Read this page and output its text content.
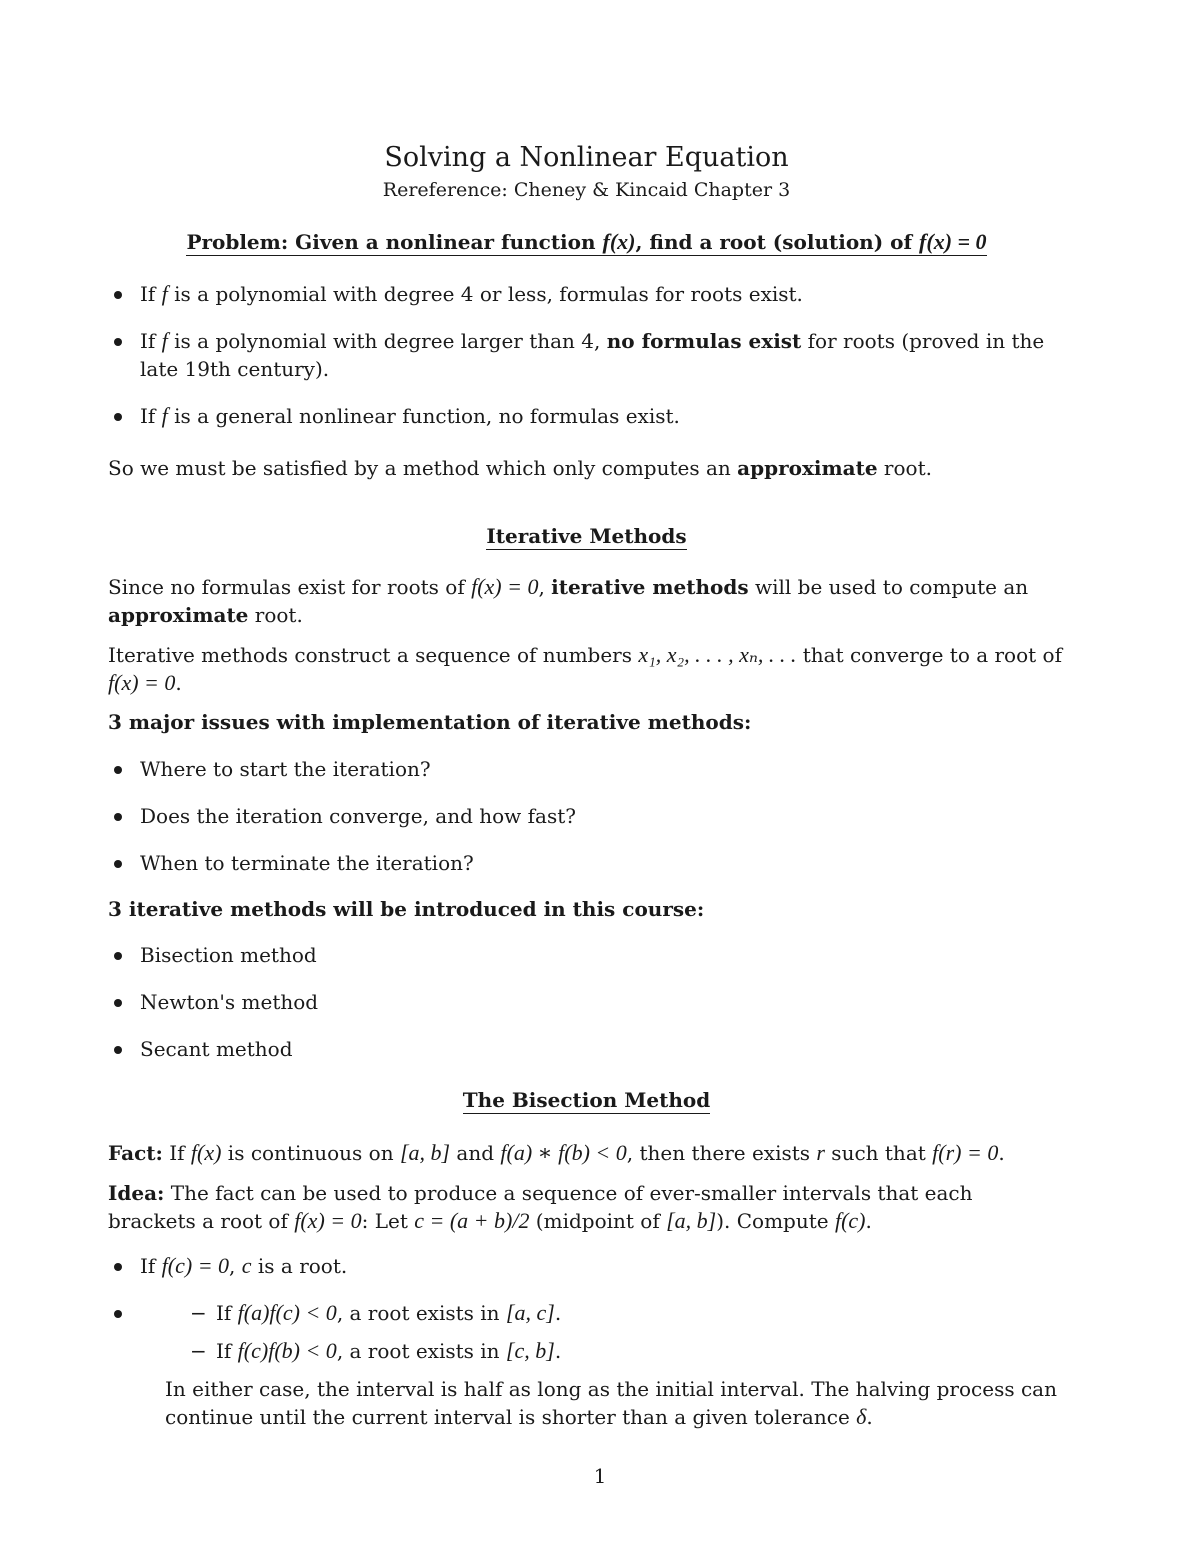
Solving a Nonlinear Equation
Rereference: Cheney & Kincaid Chapter 3
Problem: Given a nonlinear function f(x), find a root (solution) of f(x) = 0
If f is a polynomial with degree 4 or less, formulas for roots exist.
If f is a polynomial with degree larger than 4, no formulas exist for roots (proved in the late 19th century).
If f is a general nonlinear function, no formulas exist.
So we must be satisfied by a method which only computes an approximate root.
Iterative Methods
Since no formulas exist for roots of f(x) = 0, iterative methods will be used to compute an approximate root.
Iterative methods construct a sequence of numbers x₁, x₂, . . . , xₙ, . . . that converge to a root of f(x) = 0.
3 major issues with implementation of iterative methods:
Where to start the iteration?
Does the iteration converge, and how fast?
When to terminate the iteration?
3 iterative methods will be introduced in this course:
Bisection method
Newton's method
Secant method
The Bisection Method
Fact: If f(x) is continuous on [a, b] and f(a) ∗ f(b) < 0, then there exists r such that f(r) = 0.
Idea: The fact can be used to produce a sequence of ever-smaller intervals that each brackets a root of f(x) = 0: Let c = (a + b)/2 (midpoint of [a, b]). Compute f(c).
If f(c) = 0, c is a root.
− If f(a)f(c) < 0, a root exists in [a, c].
− If f(c)f(b) < 0, a root exists in [c, b].
In either case, the interval is half as long as the initial interval. The halving process can continue until the current interval is shorter than a given tolerance δ.
1
